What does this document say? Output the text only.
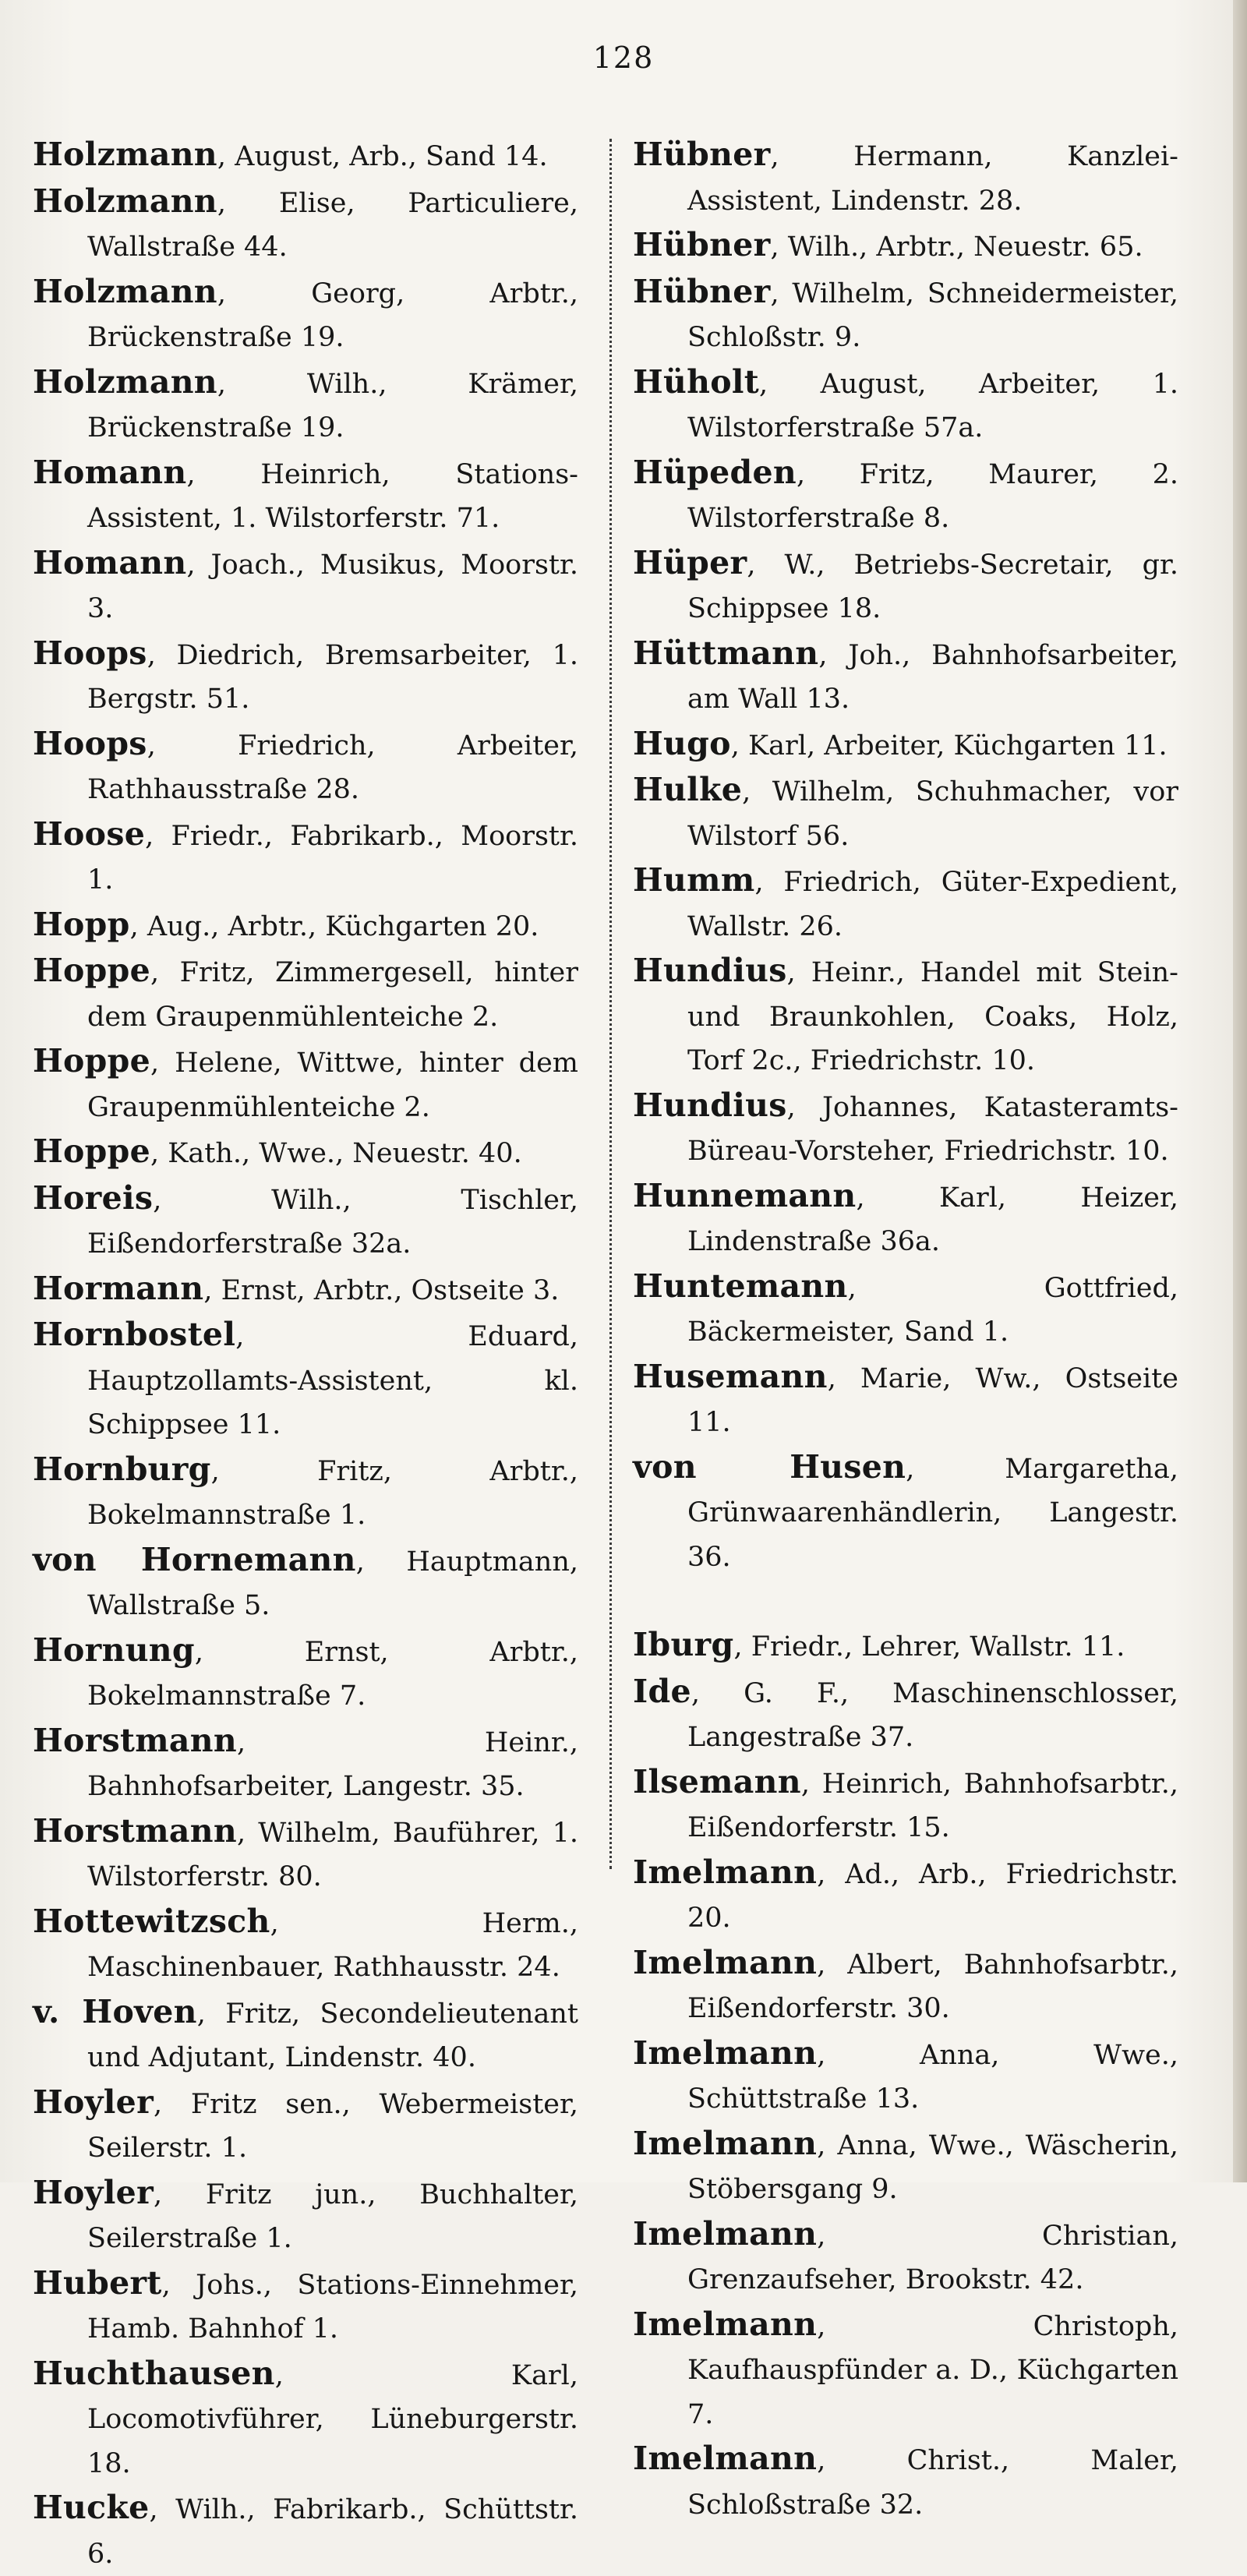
128
Holzmann, August, Arb., Sand 14.
Holzmann, Elise, Particuliere, Wallstraße 44.
Holzmann, Georg, Arbtr., Brückenstraße 19.
Holzmann, Wilh., Krämer, Brückenstraße 19.
Homann, Heinrich, Stations-Assistent, 1. Wilstorferstr. 71.
Homann, Joach., Musikus, Moorstr. 3.
Hoops, Diedrich, Bremsarbeiter, 1. Bergstr. 51.
Hoops, Friedrich, Arbeiter, Rathhausstraße 28.
Hoose, Friedr., Fabrikarb., Moorstr. 1.
Hopp, Aug., Arbtr., Küchgarten 20.
Hoppe, Fritz, Zimmergesell, hinter dem Graupenmühlenteiche 2.
Hoppe, Helene, Wittwe, hinter dem Graupenmühlenteiche 2.
Hoppe, Kath., Wwe., Neuestr. 40.
Horeis, Wilh., Tischler, Eißendorferstraße 32a.
Hormann, Ernst, Arbtr., Ostseite 3.
Hornbostel, Eduard, Hauptzollamts-Assistent, kl. Schippsee 11.
Hornburg, Fritz, Arbtr., Bokelmannstraße 1.
von Hornemann, Hauptmann, Wallstraße 5.
Hornung, Ernst, Arbtr., Bokelmannstraße 7.
Horstmann, Heinr., Bahnhofsarbeiter, Langestr. 35.
Horstmann, Wilhelm, Bauführer, 1. Wilstorferstr. 80.
Hottewitzsch, Herm., Maschinenbauer, Rathhausstr. 24.
v. Hoven, Fritz, Secondelieutenant und Adjutant, Lindenstr. 40.
Hoyler, Fritz sen., Webermeister, Seilerstr. 1.
Hoyler, Fritz jun., Buchhalter, Seilerstraße 1.
Hubert, Johs., Stations-Einnehmer, Hamb. Bahnhof 1.
Huchthausen, Karl, Locomotivführer, Lüneburgerstr. 18.
Hucke, Wilh., Fabrikarb., Schüttstr. 6.
Hübner, Hermann, Kanzlei-Assistent, Lindenstr. 28.
Hübner, Wilh., Arbtr., Neuestr. 65.
Hübner, Wilhelm, Schneidermeister, Schloßstr. 9.
Hüholt, August, Arbeiter, 1. Wilstorferstraße 57a.
Hüpeden, Fritz, Maurer, 2. Wilstorferstraße 8.
Hüper, W., Betriebs-Secretair, gr. Schippsee 18.
Hüttmann, Joh., Bahnhofsarbeiter, am Wall 13.
Hugo, Karl, Arbeiter, Küchgarten 11.
Hulke, Wilhelm, Schuhmacher, vor Wilstorf 56.
Humm, Friedrich, Güter-Expedient, Wallstr. 26.
Hundius, Heinr., Handel mit Stein- und Braunkohlen, Coaks, Holz, Torf 2c., Friedrichstr. 10.
Hundius, Johannes, Katasteramts-Büreau-Vorsteher, Friedrichstr. 10.
Hunnemann, Karl, Heizer, Lindenstraße 36a.
Huntemann, Gottfried, Bäckermeister, Sand 1.
Husemann, Marie, Ww., Ostseite 11.
von Husen, Margaretha, Grünwaarenhändlerin, Langestr. 36.
Iburg, Friedr., Lehrer, Wallstr. 11.
Ide, G. F., Maschinenschlosser, Langestraße 37.
Ilsemann, Heinrich, Bahnhofsarbtr., Eißendorferstr. 15.
Imelmann, Ad., Arb., Friedrichstr. 20.
Imelmann, Albert, Bahnhofsarbtr., Eißendorferstr. 30.
Imelmann, Anna, Wwe., Schüttstraße 13.
Imelmann, Anna, Wwe., Wäscherin, Stöbersgang 9.
Imelmann, Christian, Grenzaufseher, Brookstr. 42.
Imelmann, Christoph, Kaufhauspfünder a. D., Küchgarten 7.
Imelmann, Christ., Maler, Schloßstraße 32.
